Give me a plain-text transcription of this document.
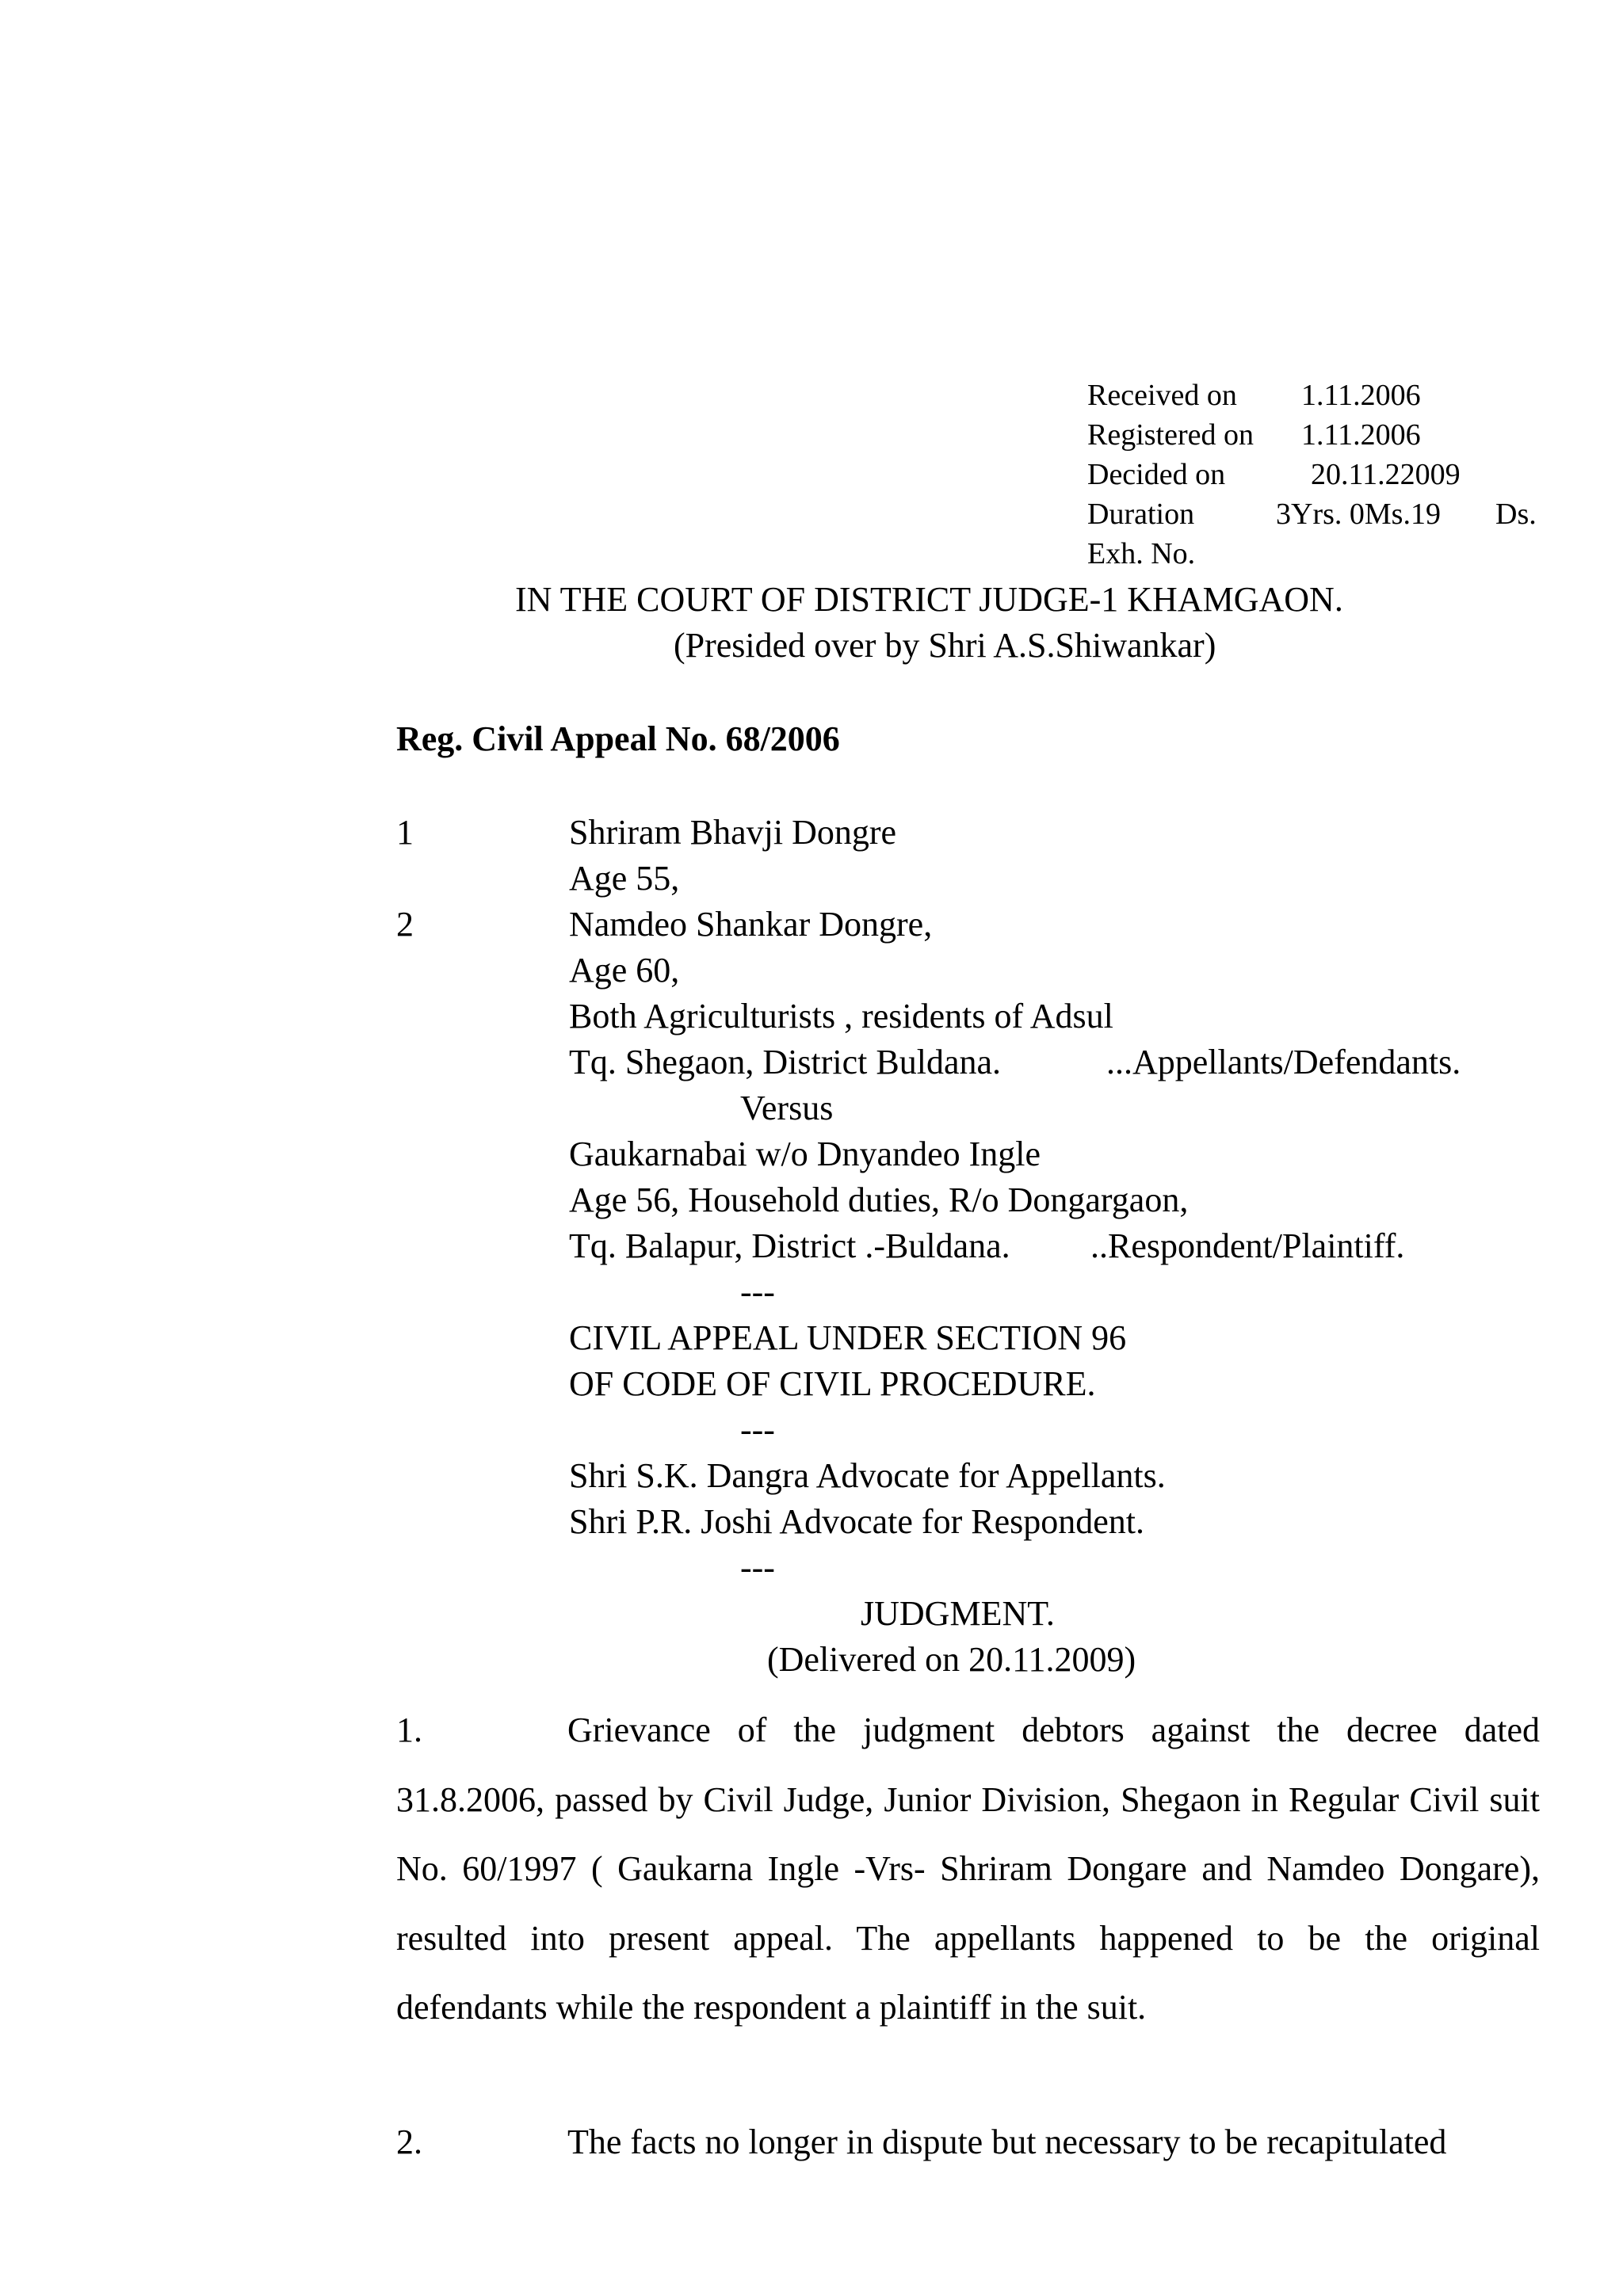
Received on 1.11.2006
Registered on 1.11.2006
Decided on	20.11.22009
Duration	3Yrs. 0Ms.19 Ds.
Exh. No.
IN THE COURT OF DISTRICT JUDGE-1 KHAMGAON.
(Presided over by Shri A.S.Shiwankar)
Reg. Civil Appeal No. 68/2006
1	Shriram Bhavji Dongre
Age 55,
2	Namdeo Shankar Dongre,
Age 60,
Both Agriculturists , residents of Adsul
Tq. Shegaon, District Buldana.	...Appellants/Defendants.
Versus
Gaukarnabai w/o Dnyandeo Ingle
Age 56, Household duties, R/o Dongargaon,
Tq. Balapur, District .-Buldana. ..Respondent/Plaintiff.
---
CIVIL APPEAL UNDER SECTION 96
OF CODE OF CIVIL PROCEDURE.
---
Shri S.K. Dangra Advocate for Appellants.
Shri P.R. Joshi Advocate for Respondent.
---
JUDGMENT.
(Delivered on 20.11.2009)
1.	Grievance of the judgment debtors against the decree dated 31.8.2006, passed by Civil Judge, Junior Division, Shegaon in Regular Civil suit No. 60/1997 ( Gaukarna Ingle -Vrs- Shriram Dongare and Namdeo Dongare), resulted into present appeal. The appellants happened to be the original defendants while the respondent a plaintiff in the suit.
2.	The facts no longer in dispute but necessary to be recapitulated
